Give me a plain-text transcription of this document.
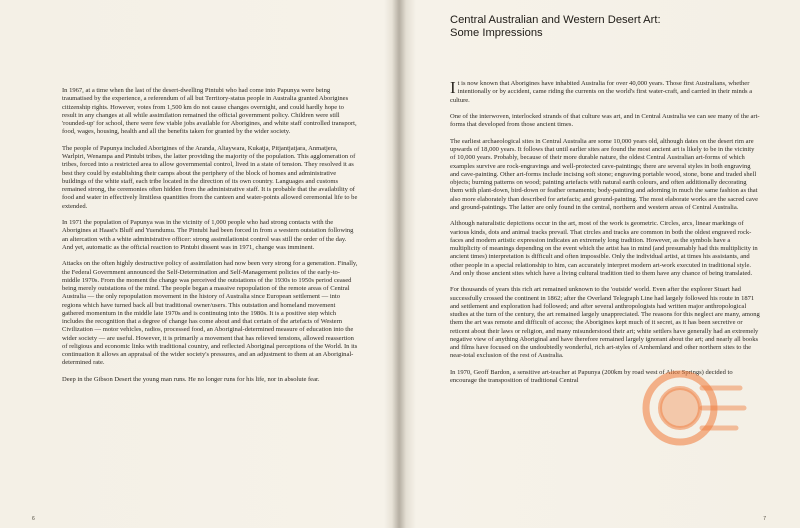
In 1967, at a time when the last of the desert-dwelling Pintubi who had come into Papunya were being traumatised by the experience, a referendum of all but Territory-status people in Australia granted Aborigines citizenship rights. However, votes from 1,500 km do not cause changes overnight, and could hardly hope to result in any changes at all while assimilation remained the official government policy. Children were still 'rounded-up' for school, there were few viable jobs available for Aborigines, and white staff controlled transport, food, wages, housing, health and all the benefits taken for granted by the wider society.

The people of Papunya included Aborigines of the Aranda, Aliaywara, Kukatja, Pitjantjatjara, Anmatjera, Warlpiri, Wenampa and Pintubi tribes, the latter providing the majority of the population. This agglomeration of tribes, forced into a restricted area to allow governmental control, lived in a state of tension. They resolved it as best they could by establishing their camps about the periphery of the block of homes and administrative buildings of the white staff, each tribe located in the direction of its own country. Languages and customs remained strong, the ceremonies often hidden from the administrative staff. It is probable that the availability of food and water in effectively limitless quantities from the canteen and water-points allowed ceremonial life to be extended.

In 1971 the population of Papunya was in the vicinity of 1,000 people who had strong contacts with the Aborigines at Haast's Bluff and Yuendumu. The Pintubi had been forced in from a western outstation following an altercation with a white administrative officer: strong assimilationist control was still the order of the day. And yet, automatic as the official reaction to Pintubi dissent was in 1971, change was imminent.

Attacks on the often highly destructive policy of assimilation had now been very strong for a generation. Finally, the Federal Government announced the Self-Determination and Self-Management policies of the early-to-middle 1970s. From the moment the change was perceived the outstations of the 1930s to 1950s period ceased being merely outstations of the mind. The people began a massive repopulation of the remote areas of Central Australia — the only repopulation movement in the history of Australia since European settlement — into regions which have turned back all but traditional owner/users. This outstation and homeland movement gathered momentum in the middle late 1970s and is continuing into the 1980s. It is a positive step which includes the recognition that a degree of change has come about and that certain of the artefacts of Western Civilization — motor vehicles, radios, processed food, an Aboriginal-determined measure of education into the wider society — are useful. However, it is primarily a movement that has relieved tensions, allowed reassertion of religious and economic links with traditional country, and reflected Aboriginal perceptions of the World. In its continuation it allows an appraisal of the wider society's pressures, and an adjustment to them at an Aboriginal-determined rate.

Deep in the Gibson Desert the young man runs. He no longer runs for his life, nor in absolute fear.

6
Central Australian and Western Desert Art:
Some Impressions

It is now known that Aborigines have inhabited Australia for over 40,000 years. Those first Australians, whether intentionally or by accident, came riding the currents on the world's first water-craft, and carried in their minds a culture.

One of the interwoven, interlocked strands of that culture was art, and in Central Australia we can see many of the art-forms that developed from those ancient times.

The earliest archaeological sites in Central Australia are some 10,000 years old, although dates on the desert rim are upwards of 18,000 years. It follows that until earlier sites are found the most ancient art is likely to be in the vicinity of 10,000 years. Probably, because of their more durable nature, the oldest Central Australian art-forms of which examples survive are rock-engravings and well-protected cave-paintings; there are several styles in both engraving and cave-painting. Other art-forms include incising soft stone; engraving portable wood, stone, bone and traded shell objects; burning patterns on wood; painting artefacts with natural earth colours, and often additionally decorating them with plant-down, bird-down or feather ornaments; body-painting and adorning in much the same fashion as that also more elaborately than described for artefacts; and ground-painting. The most elaborate works are the sacred cave and ground-paintings. The latter are only found in the central, northern and western areas of Central Australia.

Although naturalistic depictions occur in the art, most of the work is geometric. Circles, arcs, linear markings of various kinds, dots and animal tracks prevail. That circles and tracks are common in both the oldest engraved rock-faces and modern artistic expression indicates an extremely long tradition. However, as the symbols have a multiplicity of meanings depending on the event which the artist has in mind (and presumably had this multiplicity in ancient times) interpretation is difficult and often impossible. Only the individual artist, at times his assistants, and other people in a special relationship to him, can accurately interpret modern art-work executed in traditional style. And only those ancient sites which have a living cultural tradition tied to them have any chance of being translated.

For thousands of years this rich art remained unknown to the 'outside' world. Even after the explorer Stuart had successfully crossed the continent in 1862; after the Overland Telegraph Line had largely followed his route in 1871 and settlement and exploration had followed; and after several anthropologists had written major anthropological studies at the turn of the century, the art remained largely unappreciated. The reasons for this neglect are many, among them the art was remote and difficult of access; the Aborigines kept much of it secret, as it has been secretive or reticent about their laws or religion, and many misunderstood their art; white settlers have generally had an extremely negative view of anything Aboriginal and have therefore remained largely ignorant about the art; and nearly all books and films have focused on the undoubtedly wonderful, rich art-styles of Arnhemland and other northern sites to the near-total exclusion of the rest of Australia.

In 1970, Geoff Bardon, a sensitive art-teacher at Papunya (200km by road west of Alice Springs) decided to encourage the transposition of traditional Central

7
